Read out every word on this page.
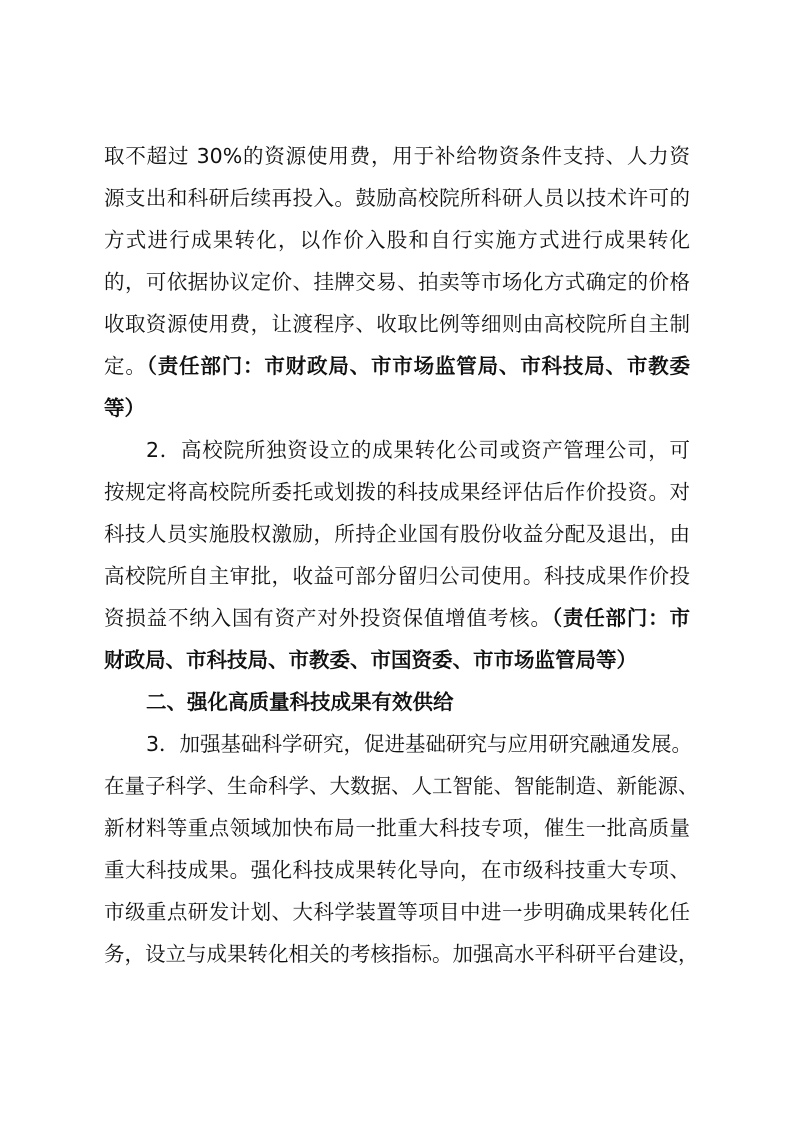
取不超过 30%的资源使用费，用于补给物资条件支持、人力资
源支出和科研后续再投入。鼓励高校院所科研人员以技术许可的
方式进行成果转化，以作价入股和自行实施方式进行成果转化
的，可依据协议定价、挂牌交易、拍卖等市场化方式确定的价格
收取资源使用费，让渡程序、收取比例等细则由高校院所自主制
定。（责任部门：市财政局、市市场监管局、市科技局、市教委
等）
2．高校院所独资设立的成果转化公司或资产管理公司，可
按规定将高校院所委托或划拨的科技成果经评估后作价投资。对
科技人员实施股权激励，所持企业国有股份收益分配及退出，由
高校院所自主审批，收益可部分留归公司使用。科技成果作价投
资损益不纳入国有资产对外投资保值增值考核。（责任部门：市
财政局、市科技局、市教委、市国资委、市市场监管局等）
二、强化高质量科技成果有效供给
3．加强基础科学研究，促进基础研究与应用研究融通发展。
在量子科学、生命科学、大数据、人工智能、智能制造、新能源、
新材料等重点领域加快布局一批重大科技专项，催生一批高质量
重大科技成果。强化科技成果转化导向，在市级科技重大专项、
市级重点研发计划、大科学装置等项目中进一步明确成果转化任
务，设立与成果转化相关的考核指标。加强高水平科研平台建设，
